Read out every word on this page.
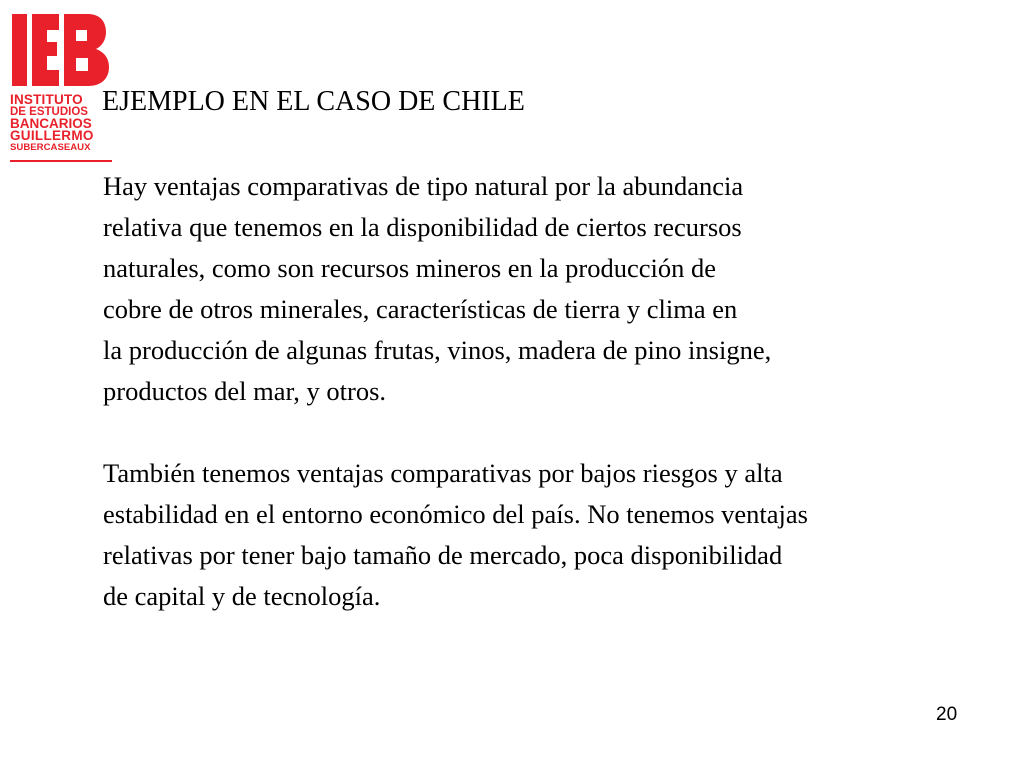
INSTITUTO
DE ESTUDIOS
BANCARIOS
GUILLERMO
SUBERCASEAUX
EJEMPLO EN EL CASO DE CHILE

Hay ventajas comparativas de tipo natural por la abundancia
relativa que tenemos en la disponibilidad de ciertos recursos
naturales, como son recursos mineros en la producción de
cobre de otros minerales, características de tierra y clima en
la producción de algunas frutas, vinos, madera de pino insigne,
productos del mar, y otros.

También tenemos ventajas comparativas por bajos riesgos y alta
estabilidad en el entorno económico del país. No tenemos ventajas
relativas por tener bajo tamaño de mercado, poca disponibilidad
de capital y de tecnología.

20
